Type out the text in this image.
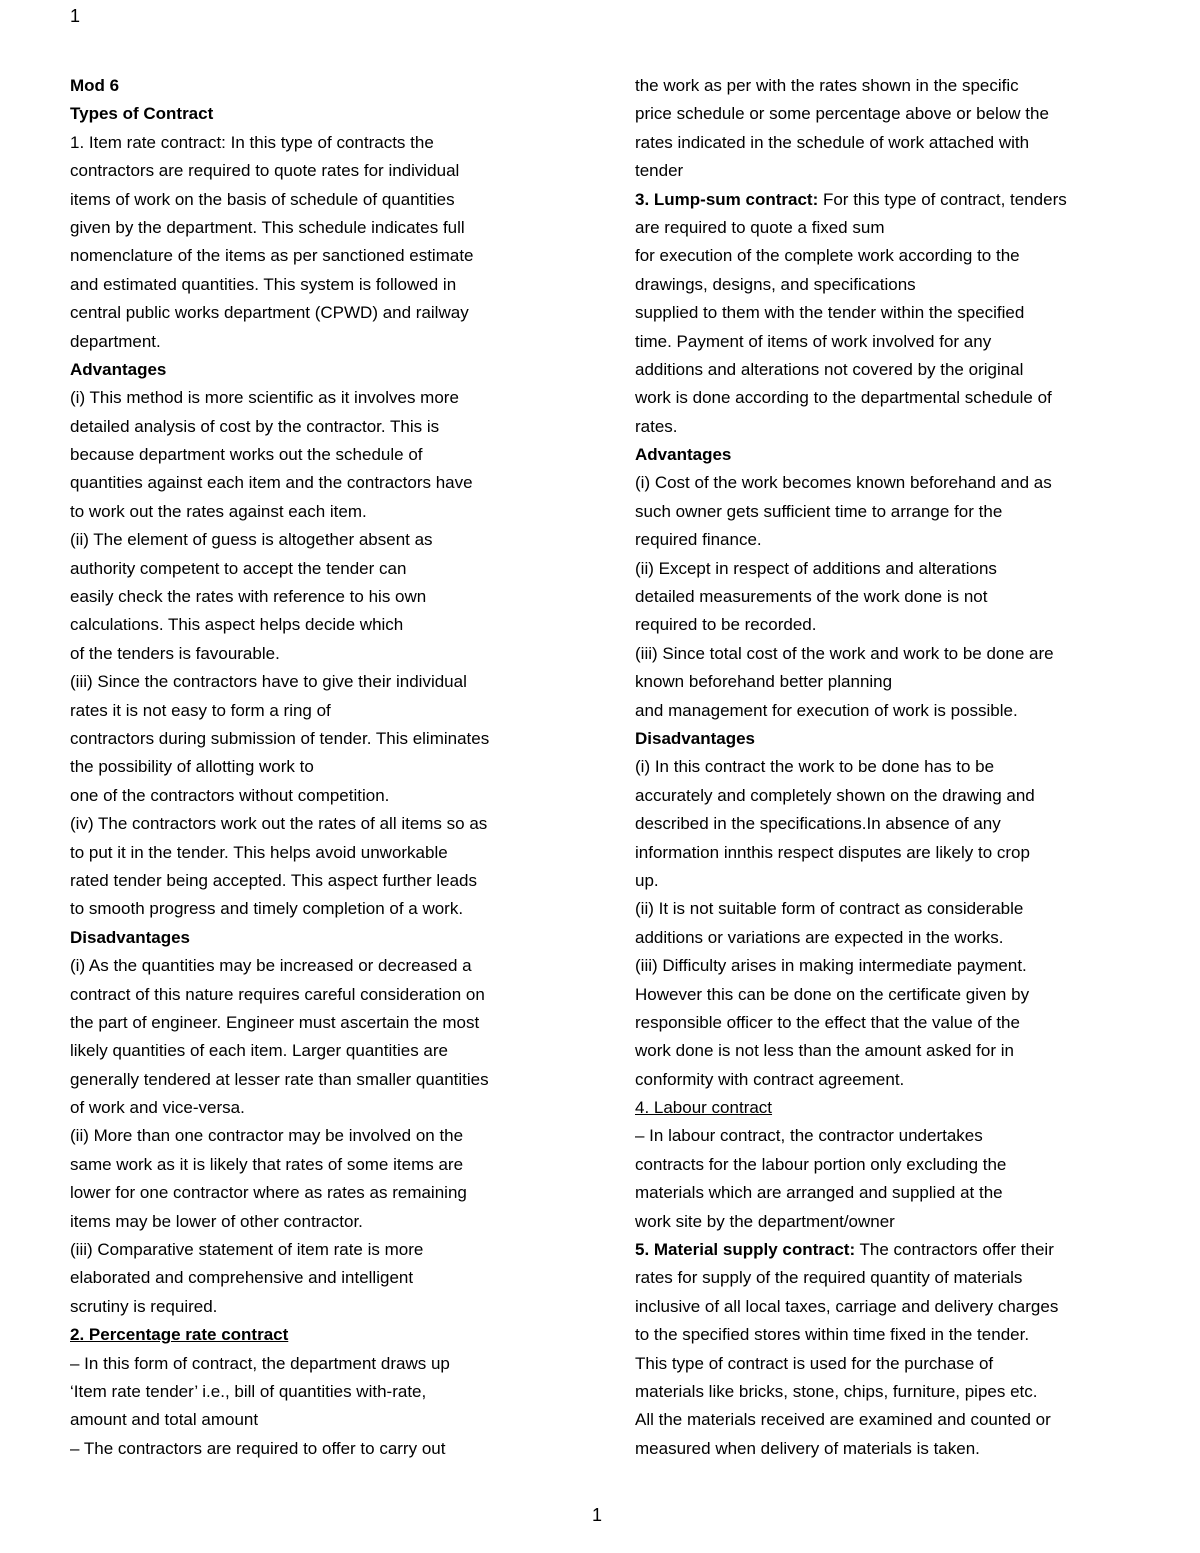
1
Mod 6
Types of Contract
1. Item rate contract: In this type of contracts the
contractors are required to quote rates for individual
items of work on the basis of schedule of quantities
given by the department. This schedule indicates full
nomenclature of the items as per sanctioned estimate
and estimated quantities. This system is followed in
central public works department (CPWD) and railway
department.
Advantages
(i) This method is more scientific as it involves more
detailed analysis of cost by the contractor. This is
because department works out the schedule of
quantities against each item and the contractors have
to work out the rates against each item.
(ii) The element of guess is altogether absent as
authority competent to accept the tender can
easily check the rates with reference to his own
calculations. This aspect helps decide which
of the tenders is favourable.
(iii) Since the contractors have to give their individual
rates it is not easy to form a ring of
contractors during submission of tender. This eliminates
the possibility of allotting work to
one of the contractors without competition.
(iv) The contractors work out the rates of all items so as
to put it in the tender. This helps avoid unworkable
rated tender being accepted. This aspect further leads
to smooth progress and timely completion of a work.
Disadvantages
(i) As the quantities may be increased or decreased a
contract of this nature requires careful consideration on
the part of engineer. Engineer must ascertain the most
likely quantities of each item. Larger quantities are
generally tendered at lesser rate than smaller quantities
of work and vice-versa.
(ii) More than one contractor may be involved on the
same work as it is likely that rates of some items are
lower for one contractor where as rates as remaining
items may be lower of other contractor.
(iii) Comparative statement of item rate is more
elaborated and comprehensive and intelligent
scrutiny is required.
2. Percentage rate contract
– In this form of contract, the department draws up
‘Item rate tender’ i.e., bill of quantities with-rate,
amount and total amount
– The contractors are required to offer to carry out
the work as per with the rates shown in the specific
price schedule or some percentage above or below the
rates indicated in the schedule of work attached with
tender
3. Lump-sum contract: For this type of contract, tenders
are required to quote a fixed sum
for execution of the complete work according to the
drawings, designs, and specifications
supplied to them with the tender within the specified
time. Payment of items of work involved for any
additions and alterations not covered by the original
work is done according to the departmental schedule of
rates.
Advantages
(i) Cost of the work becomes known beforehand and as
such owner gets sufficient time to arrange for the
required finance.
(ii) Except in respect of additions and alterations
detailed measurements of the work done is not
required to be recorded.
(iii) Since total cost of the work and work to be done are
known beforehand better planning
and management for execution of work is possible.
Disadvantages
(i) In this contract the work to be done has to be
accurately and completely shown on the drawing and
described in the specifications.In absence of any
information innthis respect disputes are likely to crop
up.
(ii) It is not suitable form of contract as considerable
additions or variations are expected in the works.
(iii) Difficulty arises in making intermediate payment.
However this can be done on the certificate given by
responsible officer to the effect that the value of the
work done is not less than the amount asked for in
conformity with contract agreement.
4. Labour contract
– In labour contract, the contractor undertakes
contracts for the labour portion only excluding the
materials which are arranged and supplied at the
work site by the department/owner
5. Material supply contract: The contractors offer their
rates for supply of the required quantity of materials
inclusive of all local taxes, carriage and delivery charges
to the specified stores within time fixed in the tender.
This type of contract is used for the purchase of
materials like bricks, stone, chips, furniture, pipes etc.
All the materials received are examined and counted or
measured when delivery of materials is taken.
1
